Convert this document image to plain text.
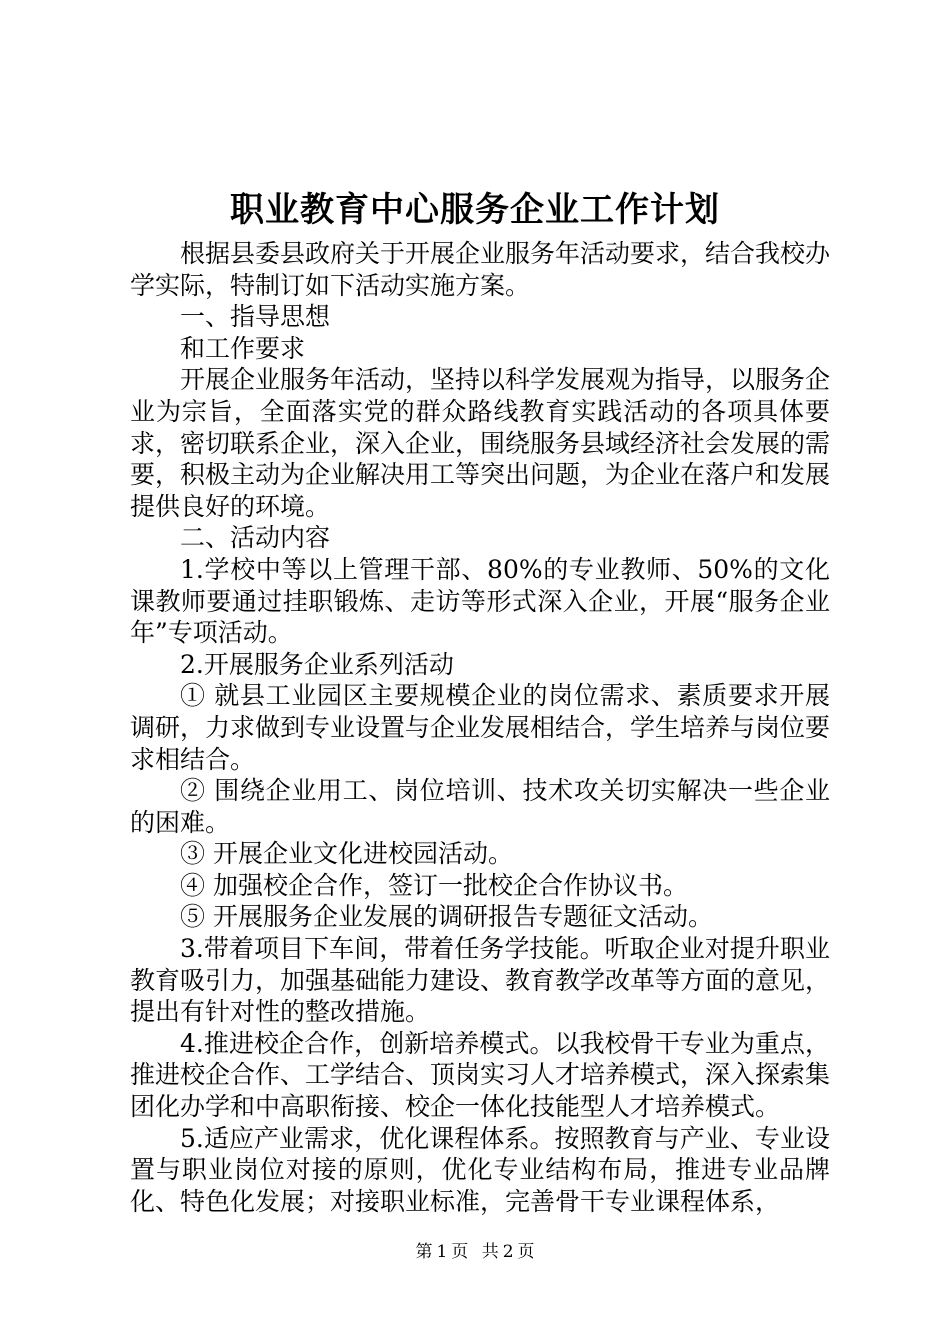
职业教育中心服务企业工作计划

根据县委县政府关于开展企业服务年活动要求，结合我校办学实际，特制订如下活动实施方案。

一、指导思想

和工作要求

开展企业服务年活动，坚持以科学发展观为指导，以服务企业为宗旨，全面落实党的群众路线教育实践活动的各项具体要求，密切联系企业，深入企业，围绕服务县域经济社会发展的需要，积极主动为企业解决用工等突出问题，为企业在落户和发展提供良好的环境。

二、活动内容

1.学校中等以上管理干部、80%的专业教师、50%的文化课教师要通过挂职锻炼、走访等形式深入企业，开展“服务企业年”专项活动。

2.开展服务企业系列活动

① 就县工业园区主要规模企业的岗位需求、素质要求开展调研，力求做到专业设置与企业发展相结合，学生培养与岗位要求相结合。

② 围绕企业用工、岗位培训、技术攻关切实解决一些企业的困难。

③ 开展企业文化进校园活动。

④ 加强校企合作，签订一批校企合作协议书。

⑤ 开展服务企业发展的调研报告专题征文活动。

3.带着项目下车间，带着任务学技能。听取企业对提升职业教育吸引力，加强基础能力建设、教育教学改革等方面的意见，提出有针对性的整改措施。

4.推进校企合作，创新培养模式。以我校骨干专业为重点，推进校企合作、工学结合、顶岗实习人才培养模式，深入探索集团化办学和中高职衔接、校企一体化技能型人才培养模式。

5.适应产业需求，优化课程体系。按照教育与产业、专业设置与职业岗位对接的原则，优化专业结构布局，推进专业品牌化、特色化发展；对接职业标准，完善骨干专业课程体系，

第 1 页 共 2 页
